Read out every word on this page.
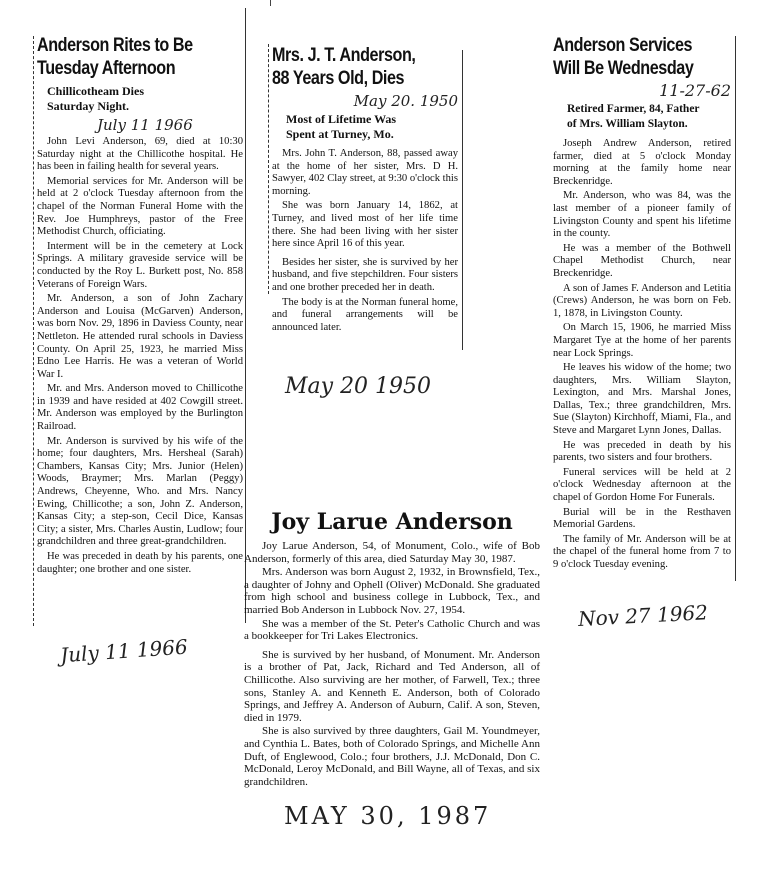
Anderson Rites to Be
Tuesday Afternoon
Chillicotheam Dies
Saturday Night.
July 11 1966

John Levi Anderson, 69, died at 10:30 Saturday night at the Chillicothe hospital. He has been in failing health for several years.

Memorial services for Mr. Anderson will be held at 2 o'clock Tuesday afternoon from the chapel of the Norman Funeral Home with the Rev. Joe Humphreys, pastor of the Free Methodist Church, officiating.

Interment will be in the cemetery at Lock Springs. A military graveside service will be conducted by the Roy L. Burkett post, No. 858 Veterans of Foreign Wars.

Mr. Anderson, a son of John Zachary Anderson and Louisa (McGarven) Anderson, was born Nov. 29, 1896 in Daviess County, near Nettleton. He attended rural schools in Daviess County. On April 25, 1923, he married Miss Edno Lee Harris. He was a veteran of World War I.

Mr. and Mrs. Anderson moved to Chillicothe in 1939 and have resided at 402 Cowgill street. Mr. Anderson was employed by the Burlington Railroad.

Mr. Anderson is survived by his wife of the home; four daughters, Mrs. Hersheal (Sarah) Chambers, Kansas City; Mrs. Junior (Helen) Woods, Braymer; Mrs. Marlan (Peggy) Andrews, Cheyenne, Who. and Mrs. Nancy Ewing, Chillicothe; a son, John Z. Anderson, Kansas City; a step-son, Cecil Dice, Kansas City; a sister, Mrs. Charles Austin, Ludlow; four grandchildren and three great-grandchildren.

He was preceded in death by his parents, one daughter; one brother and one sister.

July 11 1966
Mrs. J. T. Anderson,
88 Years Old, Dies
May 20. 1950
Most of Lifetime Was
Spent at Turney, Mo.

Mrs. John T. Anderson, 88, passed away at the home of her sister, Mrs. D H. Sawyer, 402 Clay street, at 9:30 o'clock this morning.

She was born January 14, 1862, at Turney, and lived most of her life time there. She had been living with her sister here since April 16 of this year.

Besides her sister, she is survived by her husband, and five stepchildren. Four sisters and one brother preceded her in death.

The body is at the Norman funeral home, and funeral arrangements will be announced later.

May 20 1950
Anderson Services
Will Be Wednesday
11-27-62
Retired Farmer, 84, Father
of Mrs. William Slayton.

Joseph Andrew Anderson, retired farmer, died at 5 o'clock Monday morning at the family home near Breckenridge.

Mr. Anderson, who was 84, was the last member of a pioneer family of Livingston County and spent his lifetime in the county.

He was a member of the Bothwell Chapel Methodist Church, near Breckenridge.

A son of James F. Anderson and Letitia (Crews) Anderson, he was born on Feb. 1, 1878, in Livingston County.

On March 15, 1906, he married Miss Margaret Tye at the home of her parents near Lock Springs.

He leaves his widow of the home; two daughters, Mrs. William Slayton, Lexington, and Mrs. Marshal Jones, Dallas, Tex.; three grandchildren, Mrs. Sue (Slayton) Kirchhoff, Miami, Fla., and Steve and Margaret Lynn Jones, Dallas.

He was preceded in death by his parents, two sisters and four brothers.

Funeral services will be held at 2 o'clock Wednesday afternoon at the chapel of Gordon Home For Funerals.

Burial will be in the Resthaven Memorial Gardens.

The family of Mr. Anderson will be at the chapel of the funeral home from 7 to 9 o'clock Tuesday evening.

Nov 27 1962
Joy Larue Anderson

Joy Larue Anderson, 54, of Monument, Colo., wife of Bob Anderson, formerly of this area, died Saturday May 30, 1987.

Mrs. Anderson was born August 2, 1932, in Brownsfield, Tex., a daughter of Johny and Ophell (Oliver) McDonald. She graduated from high school and business college in Lubbock, Tex., and married Bob Anderson in Lubbock Nov. 27, 1954.

She was a member of the St. Peter's Catholic Church and was a bookkeeper for Tri Lakes Electronics.

She is survived by her husband, of Monument. Mr. Anderson is a brother of Pat, Jack, Richard and Ted Anderson, all of Chillicothe. Also surviving are her mother, of Farwell, Tex.; three sons, Stanley A. and Kenneth E. Anderson, both of Colorado Springs, and Jeffrey A. Anderson of Auburn, Calif. A son, Steven, died in 1979.

She is also survived by three daughters, Gail M. Youndmeyer, and Cynthia L. Bates, both of Colorado Springs, and Michelle Ann Duft, of Englewood, Colo.; four brothers, J.J. McDonald, Don C. McDonald, Leroy McDonald, and Bill Wayne, all of Texas, and six grandchildren.

MAY 30, 1987
